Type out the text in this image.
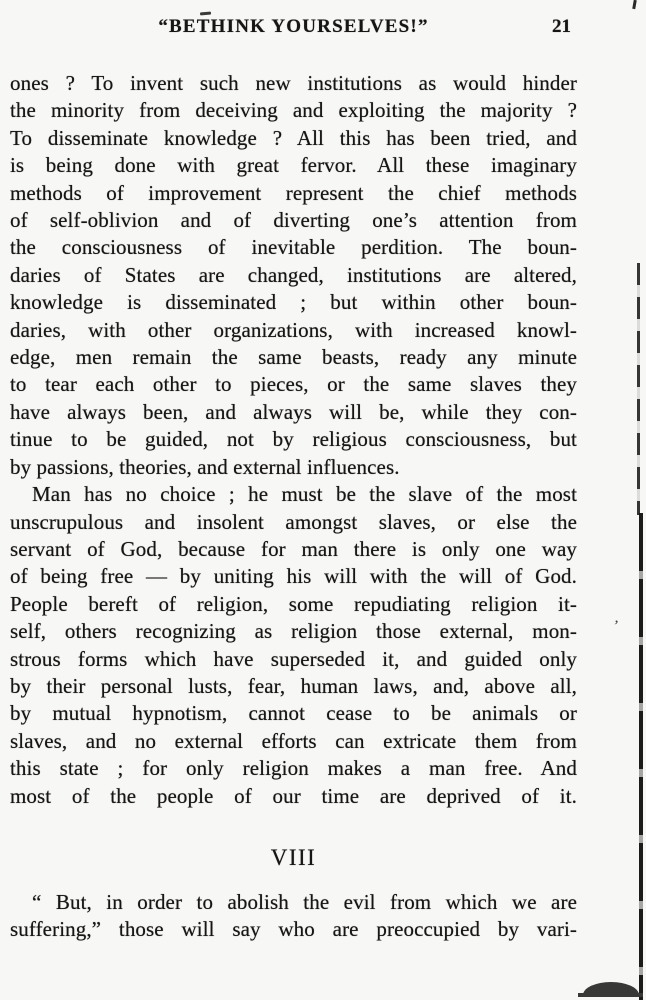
“BETHINK YOURSELVES!”	21
ones ? To invent such new institutions as would hinder
the minority from deceiving and exploiting the majority ?
To disseminate knowledge ? All this has been tried, and
is being done with great fervor. All these imaginary
methods of improvement represent the chief methods
of self-oblivion and of diverting one’s attention from
the consciousness of inevitable perdition. The boun-
daries of States are changed, institutions are altered,
knowledge is disseminated ; but within other boun-
daries, with other organizations, with increased knowl-
edge, men remain the same beasts, ready any minute
to tear each other to pieces, or the same slaves they
have always been, and always will be, while they con-
tinue to be guided, not by religious consciousness, but
by passions, theories, and external influences.
Man has no choice ; he must be the slave of the most
unscrupulous and insolent amongst slaves, or else the
servant of God, because for man there is only one way
of being free — by uniting his will with the will of God.
People bereft of religion, some repudiating religion it-
self, others recognizing as religion those external, mon-
strous forms which have superseded it, and guided only
by their personal lusts, fear, human laws, and, above all,
by mutual hypnotism, cannot cease to be animals or
slaves, and no external efforts can extricate them from
this state ; for only religion makes a man free. And
most of the people of our time are deprived of it.
VIII
“ But, in order to abolish the evil from which we are
suffering,” those will say who are preoccupied by vari-
’
